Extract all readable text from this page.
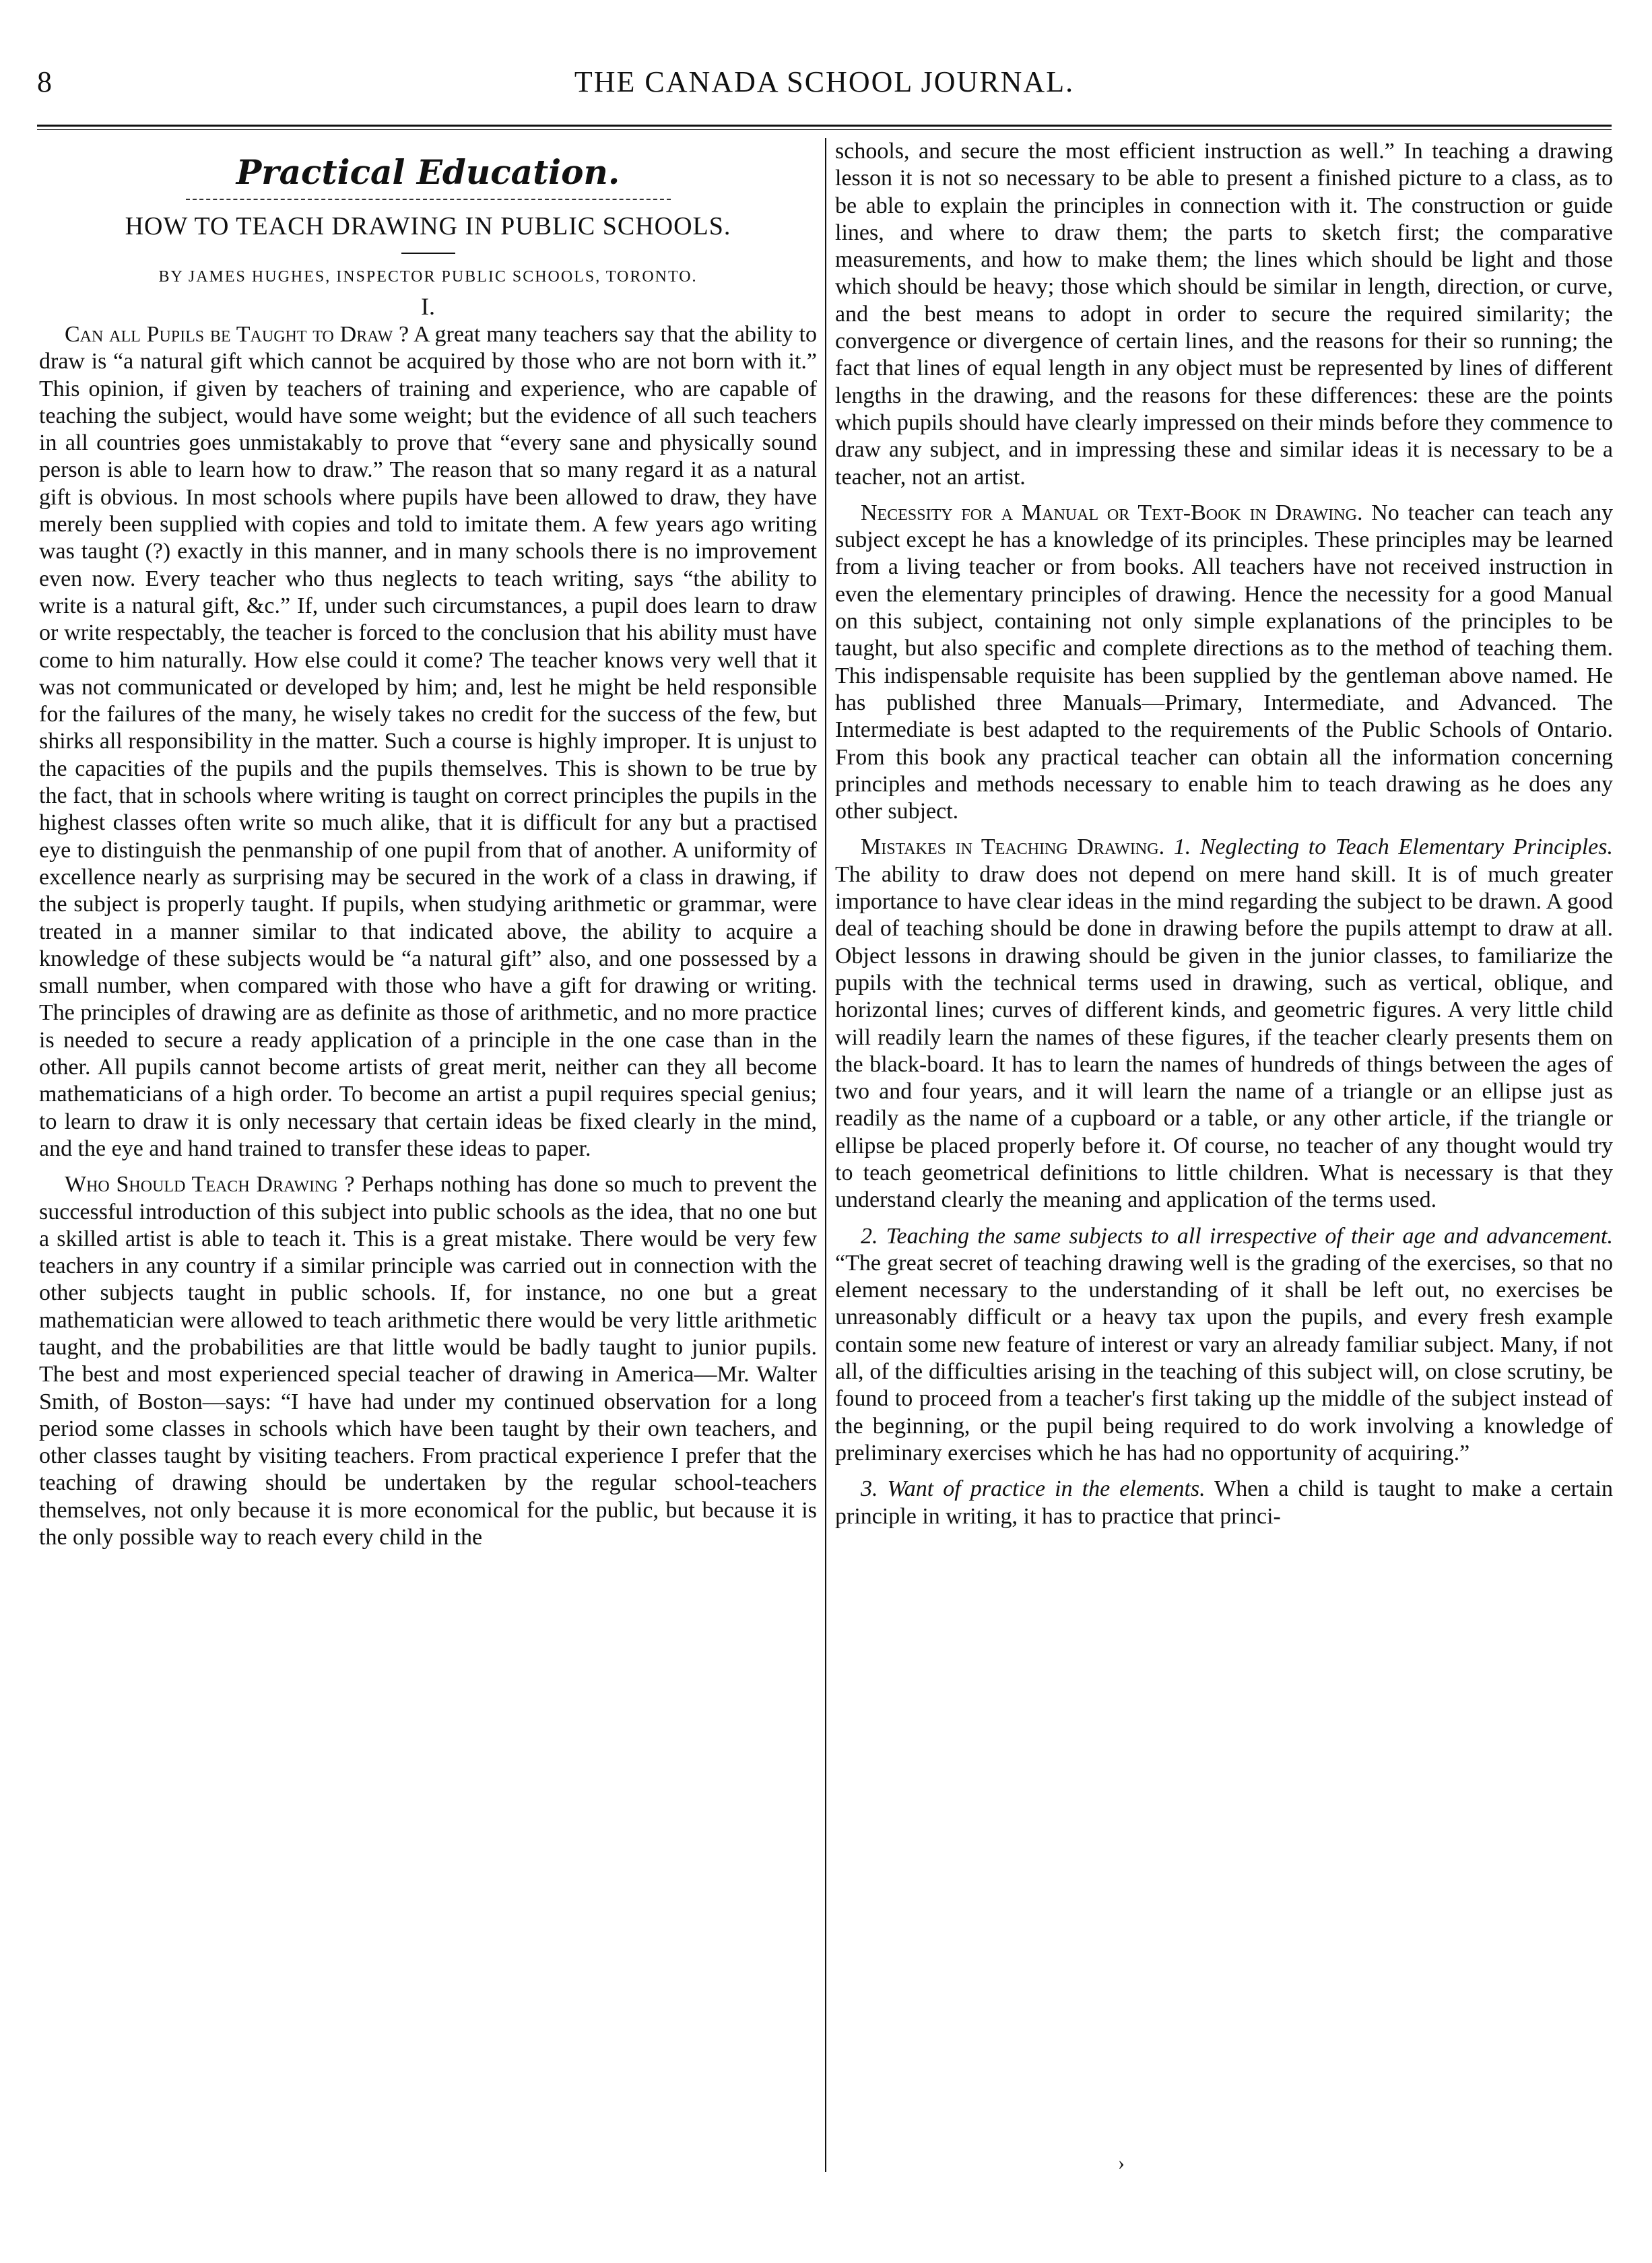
8	THE CANADA SCHOOL JOURNAL.
Practical Education.
HOW TO TEACH DRAWING IN PUBLIC SCHOOLS.
BY JAMES HUGHES, INSPECTOR PUBLIC SCHOOLS, TORONTO.
I.

Can all Pupils be Taught to Draw ? A great many teachers say that the ability to draw is “a natural gift which cannot be acquired by those who are not born with it.” This opinion, if given by teachers of training and experience, who are capable of teaching the subject, would have some weight; but the evidence of all such teachers in all countries goes unmistakably to prove that “every sane and physically sound person is able to learn how to draw.” The reason that so many regard it as a natural gift is obvious. In most schools where pupils have been allowed to draw, they have merely been supplied with copies and told to imitate them. A few years ago writing was taught (?) exactly in this manner, and in many schools there is no improvement even now. Every teacher who thus neglects to teach writing, says “the ability to write is a natural gift, &c.” If, under such circumstances, a pupil does learn to draw or write respectably, the teacher is forced to the conclusion that his ability must have come to him naturally. How else could it come? The teacher knows very well that it was not communicated or developed by him; and, lest he might be held responsible for the failures of the many, he wisely takes no credit for the success of the few, but shirks all responsibility in the matter. Such a course is highly improper. It is unjust to the capacities of the pupils and the pupils themselves. This is shown to be true by the fact, that in schools where writing is taught on correct principles the pupils in the highest classes often write so much alike, that it is difficult for any but a practised eye to distinguish the penmanship of one pupil from that of another. A uniformity of excellence nearly as surprising may be secured in the work of a class in drawing, if the subject is properly taught. If pupils, when studying arithmetic or grammar, were treated in a manner similar to that indicated above, the ability to acquire a knowledge of these subjects would be “a natural gift” also, and one possessed by a small number, when compared with those who have a gift for drawing or writing. The principles of drawing are as definite as those of arithmetic, and no more practice is needed to secure a ready application of a principle in the one case than in the other. All pupils cannot become artists of great merit, neither can they all become mathematicians of a high order. To become an artist a pupil requires special genius; to learn to draw it is only necessary that certain ideas be fixed clearly in the mind, and the eye and hand trained to transfer these ideas to paper.

Who Should Teach Drawing ? Perhaps nothing has done so much to prevent the successful introduction of this subject into public schools as the idea, that no one but a skilled artist is able to teach it. This is a great mistake. There would be very few teachers in any country if a similar principle was carried out in connection with the other subjects taught in public schools. If, for instance, no one but a great mathematician were allowed to teach arithmetic there would be very little arithmetic taught, and the probabilities are that little would be badly taught to junior pupils. The best and most experienced special teacher of drawing in America—Mr. Walter Smith, of Boston—says: “I have had under my continued observation for a long period some classes in schools which have been taught by their own teachers, and other classes taught by visiting teachers. From practical experience I prefer that the teaching of drawing should be undertaken by the regular school-teachers themselves, not only because it is more economical for the public, but because it is the only possible way to reach every child in the

schools, and secure the most efficient instruction as well.” In teaching a drawing lesson it is not so necessary to be able to present a finished picture to a class, as to be able to explain the principles in connection with it. The construction or guide lines, and where to draw them; the parts to sketch first; the comparative measurements, and how to make them; the lines which should be light and those which should be heavy; those which should be similar in length, direction, or curve, and the best means to adopt in order to secure the required similarity; the convergence or divergence of certain lines, and the reasons for their so running; the fact that lines of equal length in any object must be represented by lines of different lengths in the drawing, and the reasons for these differences: these are the points which pupils should have clearly impressed on their minds before they commence to draw any subject, and in impressing these and similar ideas it is necessary to be a teacher, not an artist.

Necessity for a Manual or Text-Book in Drawing. No teacher can teach any subject except he has a knowledge of its principles. These principles may be learned from a living teacher or from books. All teachers have not received instruction in even the elementary principles of drawing. Hence the necessity for a good Manual on this subject, containing not only simple explanations of the principles to be taught, but also specific and complete directions as to the method of teaching them. This indispensable requisite has been supplied by the gentleman above named. He has published three Manuals—Primary, Intermediate, and Advanced. The Intermediate is best adapted to the requirements of the Public Schools of Ontario. From this book any practical teacher can obtain all the information concerning principles and methods necessary to enable him to teach drawing as he does any other subject.

Mistakes in Teaching Drawing. 1. Neglecting to Teach Elementary Principles. The ability to draw does not depend on mere hand skill. It is of much greater importance to have clear ideas in the mind regarding the subject to be drawn. A good deal of teaching should be done in drawing before the pupils attempt to draw at all. Object lessons in drawing should be given in the junior classes, to familiarize the pupils with the technical terms used in drawing, such as vertical, oblique, and horizontal lines; curves of different kinds, and geometric figures. A very little child will readily learn the names of these figures, if the teacher clearly presents them on the black-board. It has to learn the names of hundreds of things between the ages of two and four years, and it will learn the name of a triangle or an ellipse just as readily as the name of a cupboard or a table, or any other article, if the triangle or ellipse be placed properly before it. Of course, no teacher of any thought would try to teach geometrical definitions to little children. What is necessary is that they understand clearly the meaning and application of the terms used.

2. Teaching the same subjects to all irrespective of their age and advancement. “The great secret of teaching drawing well is the grading of the exercises, so that no element necessary to the understanding of it shall be left out, no exercises be unreasonably difficult or a heavy tax upon the pupils, and every fresh example contain some new feature of interest or vary an already familiar subject. Many, if not all, of the difficulties arising in the teaching of this subject will, on close scrutiny, be found to proceed from a teacher's first taking up the middle of the subject instead of the beginning, or the pupil being required to do work involving a knowledge of preliminary exercises which he has had no opportunity of acquiring.”

3. Want of practice in the elements. When a child is taught to make a certain principle in writing, it has to practice that princi-

›
